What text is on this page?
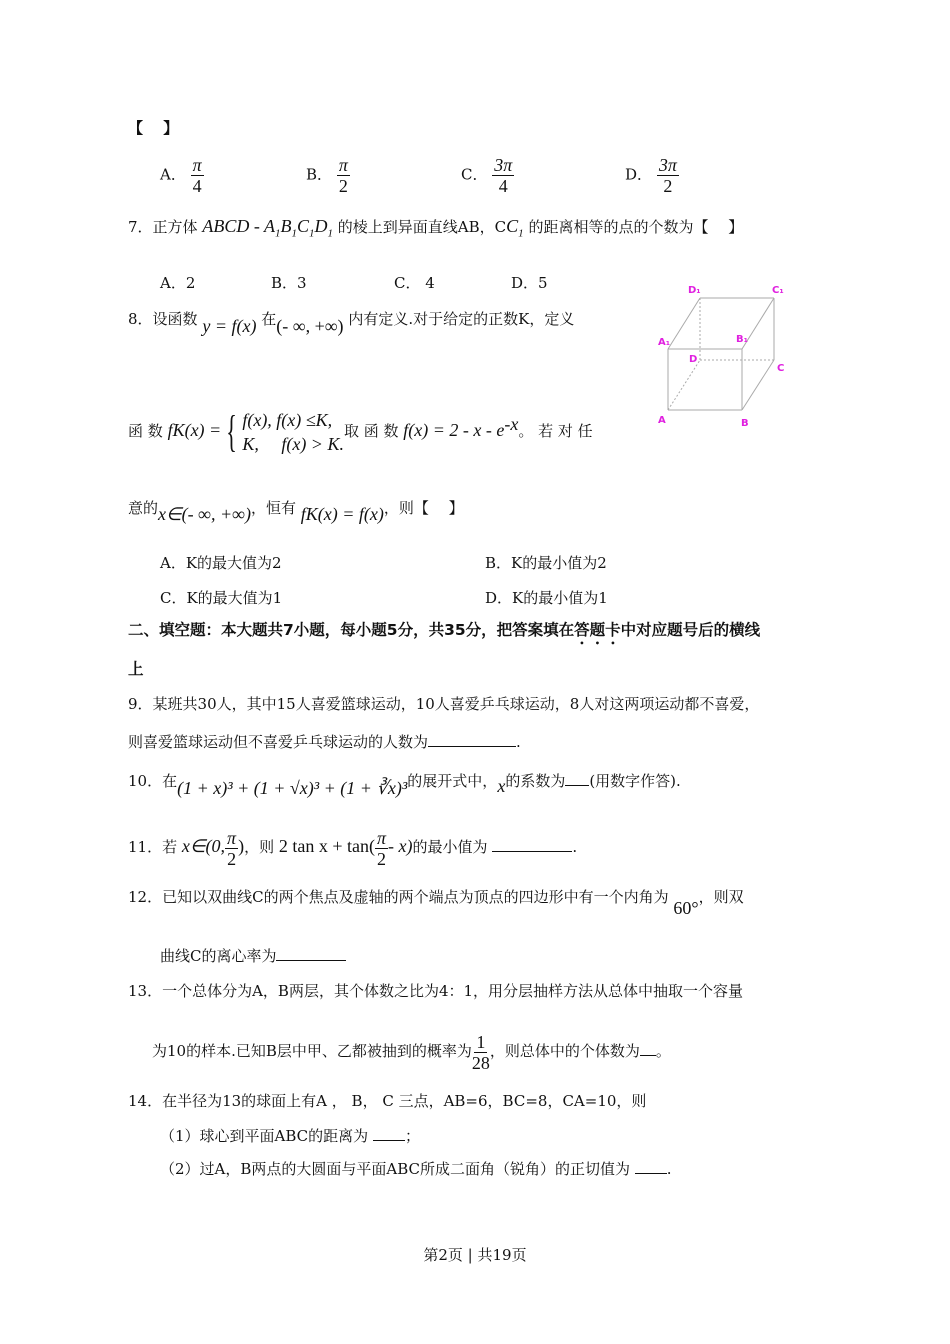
【　 】
A． $\frac{\pi}{4}$	B． $\frac{\pi}{2}$	C． $\frac{3\pi}{4}$	D． $\frac{3\pi}{2}$
7．正方体 ABCD - $A_1B_1C_1D_1$ 的棱上到异面直线AB，$CC_1$ 的距离相等的点的个数为【　 】
A．2	B．3	C． 4	D．5
8．设函数 y = f(x) 在(- ∞, +∞) 内有定义.对于给定的正数K，定义
函 数 fK(x) = { f(x), f(x) ≤K,
K,　 f(x) > K.
取 函 数 $f(x) = 2 - x - e^{-x}$。 若 对 任
意的x∈(- ∞, +∞)，恒有 fK(x) = f(x)，则【　 】
A．K的最大值为2	B．K的最小值为2
C．K的最大值为1	D．K的最小值为1
D₁	C₁
A₁	B₁
D
C
A	B
二、填空题：本大题共7小题，每小题5分，共35分，把答案填在答题卡中对应题号后的横线
上
9．某班共30人，其中15人喜爱篮球运动，10人喜爱乒乓球运动，8人对这两项运动都不喜爱，
则喜爱篮球运动但不喜爱乒乓球运动的人数为	.
10．在(1 + x)³ + (1 + √x)³ + (1 + ∛x)³的展开式中，x的系数为 (用数字作答).
11．若 x∈(0, $\frac{\pi}{2}$ )，则 2 $\tan x + \tan( \frac{\pi}{2} - x)$的最小值为	.
12．已知以双曲线C的两个焦点及虚轴的两个端点为顶点的四边形中有一个内角为 60°，则双
曲线C的离心率为
13．一个总体分为A，B两层，其个体数之比为4：1，用分层抽样方法从总体中抽取一个容量
为10的样本.已知B层中甲、乙都被抽到的概率为 $\frac{1}{28}$ ，则总体中的个体数为 。
14．在半径为13的球面上有A ， B， C 三点，AB=6，BC=8，CA=10，则
（1）球心到平面ABC的距离为 ；
（2）过A，B两点的大圆面与平面ABC所成二面角（锐角）的正切值为 .
第2页 | 共19页
